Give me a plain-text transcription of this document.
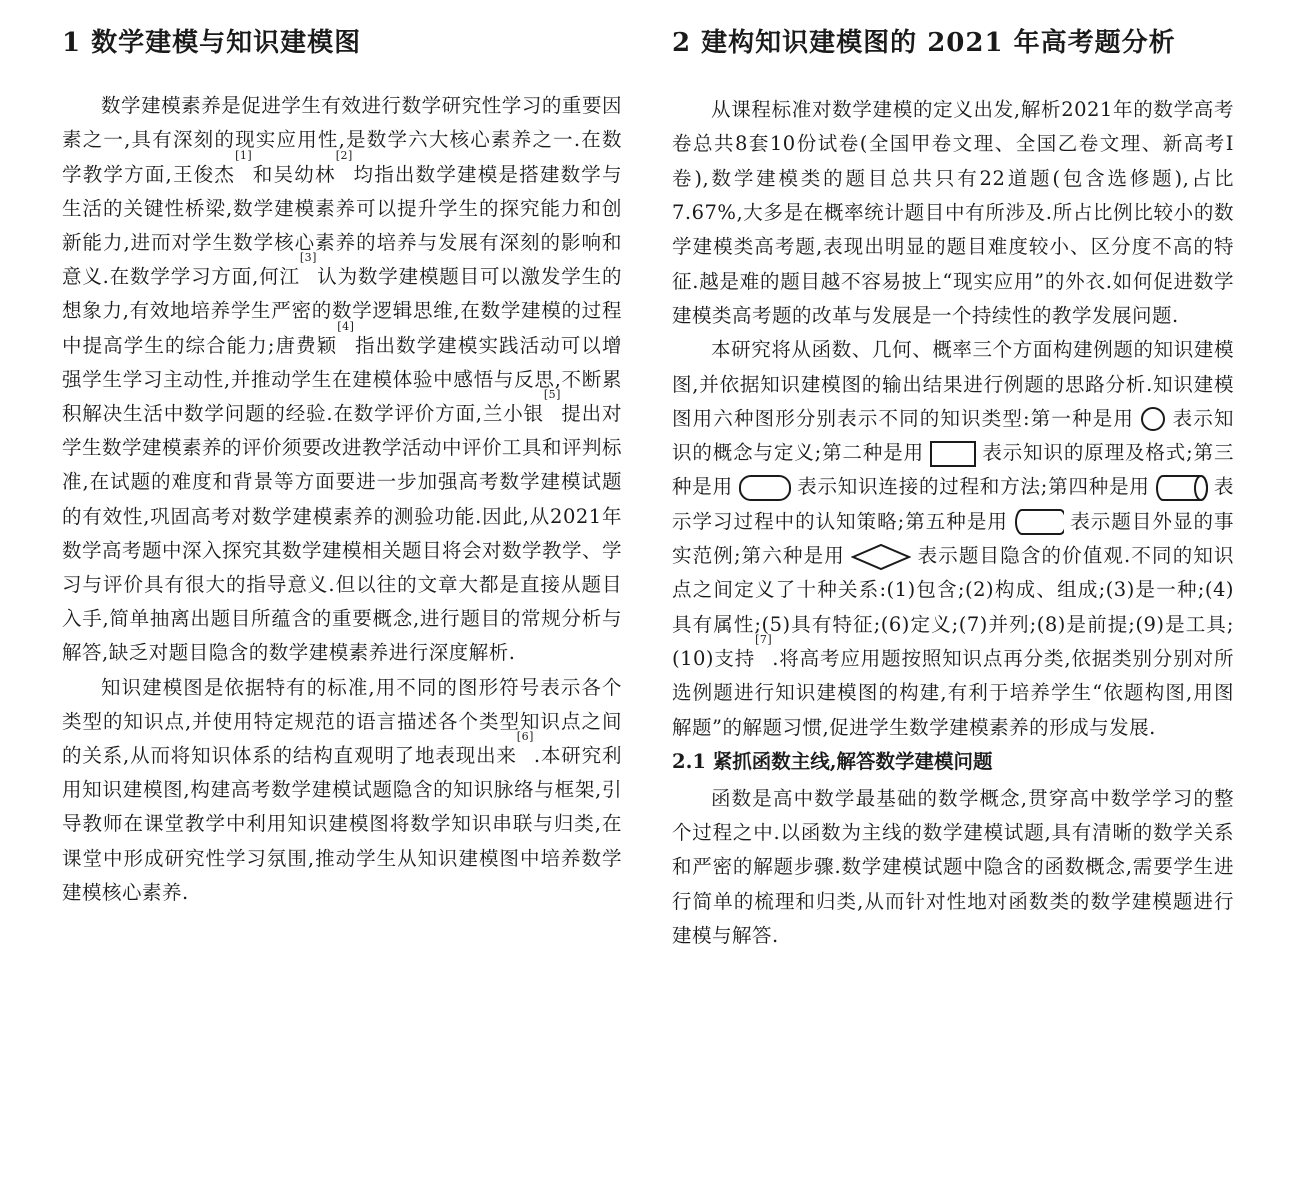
1 数学建模与知识建模图

数学建模素养是促进学生有效进行数学研究性学习的重要因素之一,具有深刻的现实应用性,是数学六大核心素养之一.在数学教学方面,王俊杰[1]和吴幼林[2]均指出数学建模是搭建数学与生活的关键性桥梁,数学建模素养可以提升学生的探究能力和创新能力,进而对学生数学核心素养的培养与发展有深刻的影响和意义.在数学学习方面,何江[3]认为数学建模题目可以激发学生的想象力,有效地培养学生严密的数学逻辑思维,在数学建模的过程中提高学生的综合能力;唐费颖[4]指出数学建模实践活动可以增强学生学习主动性,并推动学生在建模体验中感悟与反思,不断累积解决生活中数学问题的经验.在数学评价方面,兰小银[5]提出对学生数学建模素养的评价须要改进教学活动中评价工具和评判标准,在试题的难度和背景等方面要进一步加强高考数学建模试题的有效性,巩固高考对数学建模素养的测验功能.因此,从2021年数学高考题中深入探究其数学建模相关题目将会对数学教学、学习与评价具有很大的指导意义.但以往的文章大都是直接从题目入手,简单抽离出题目所蕴含的重要概念,进行题目的常规分析与解答,缺乏对题目隐含的数学建模素养进行深度解析.

知识建模图是依据特有的标准,用不同的图形符号表示各个类型的知识点,并使用特定规范的语言描述各个类型知识点之间的关系,从而将知识体系的结构直观明了地表现出来[6].本研究利用知识建模图,构建高考数学建模试题隐含的知识脉络与框架,引导教师在课堂教学中利用知识建模图将数学知识串联与归类,在课堂中形成研究性学习氛围,推动学生从知识建模图中培养数学建模核心素养.

2 建构知识建模图的 2021 年高考题分析

从课程标准对数学建模的定义出发,解析2021年的数学高考卷总共8套10份试卷(全国甲卷文理、全国乙卷文理、新高考Ⅰ卷),数学建模类的题目总共只有22道题(包含选修题),占比7.67%,大多是在概率统计题目中有所涉及.所占比例比较小的数学建模类高考题,表现出明显的题目难度较小、区分度不高的特征.越是难的题目越不容易披上“现实应用”的外衣.如何促进数学建模类高考题的改革与发展是一个持续性的教学发展问题.

本研究将从函数、几何、概率三个方面构建例题的知识建模图,并依据知识建模图的输出结果进行例题的思路分析.知识建模图用六种图形分别表示不同的知识类型:第一种是用 表示知识的概念与定义;第二种是用	表示知识的原理及格式;第三种是用	表示知识连接的过程和方法;第四种是用	表示学习过程中的认知策略;第五种是用	表示题目外显的事实范例;第六种是用	表示题目隐含的价值观.不同的知识点之间定义了十种关系:(1)包含;(2)构成、组成;(3)是一种;(4)具有属性;(5)具有特征;(6)定义;(7)并列;(8)是前提;(9)是工具;(10)支持[7].将高考应用题按照知识点再分类,依据类别分别对所选例题进行知识建模图的构建,有利于培养学生“依题构图,用图解题”的解题习惯,促进学生数学建模素养的形成与发展.

2.1 紧抓函数主线,解答数学建模问题

函数是高中数学最基础的数学概念,贯穿高中数学学习的整个过程之中.以函数为主线的数学建模试题,具有清晰的数学关系和严密的解题步骤.数学建模试题中隐含的函数概念,需要学生进行简单的梳理和归类,从而针对性地对函数类的数学建模题进行建模与解答.
